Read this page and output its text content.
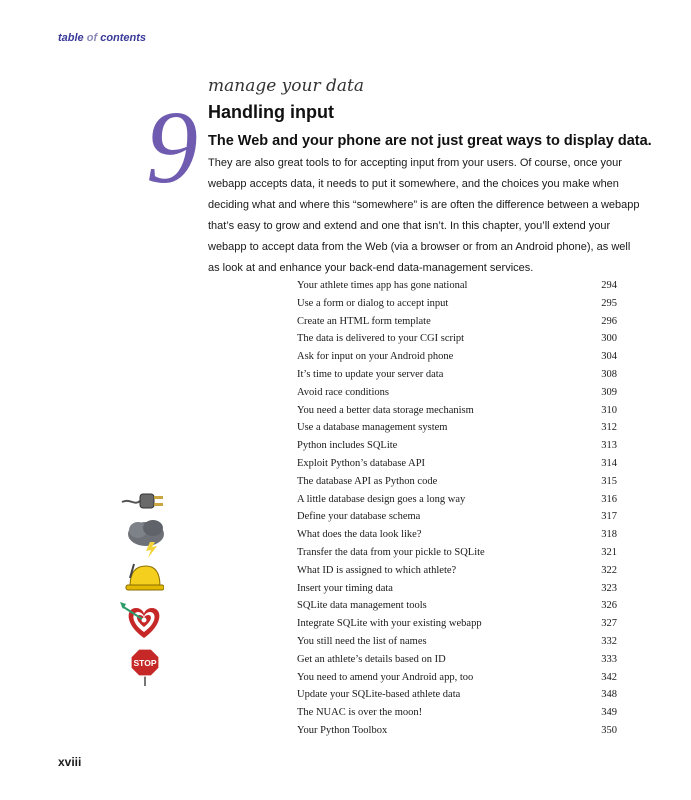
table of contents
9
manage your data
Handling input
The Web and your phone are not just great ways to display data.

They are also great tools to for accepting input from your users. Of course, once your webapp accepts data, it needs to put it somewhere, and the choices you make when deciding what and where this “somewhere” is are often the difference between a webapp that’s easy to grow and extend and one that isn’t. In this chapter, you’ll extend your webapp to accept data from the Web (via a browser or from an Android phone), as well as look at and enhance your back-end data-management services.

Your athlete times app has gone national	294
Use a form or dialog to accept input	295
Create an HTML form template	296
The data is delivered to your CGI script	300
Ask for input on your Android phone	304
It’s time to update your server data	308
Avoid race conditions	309
You need a better data storage mechanism	310
Use a database management system	312
Python includes SQLite	313
Exploit Python’s database API	314
The database API as Python code	315
A little database design goes a long way	316
Define your database schema	317
What does the data look like?	318
Transfer the data from your pickle to SQLite	321
What ID is assigned to which athlete?	322
Insert your timing data	323
SQLite data management tools	326
Integrate SQLite with your existing webapp	327
You still need the list of names	332
Get an athlete’s details based on ID	333
You need to amend your Android app, too	342
Update your SQLite-based athlete data	348
The NUAC is over the moon!	349
Your Python Toolbox	350
STOP
xviii
